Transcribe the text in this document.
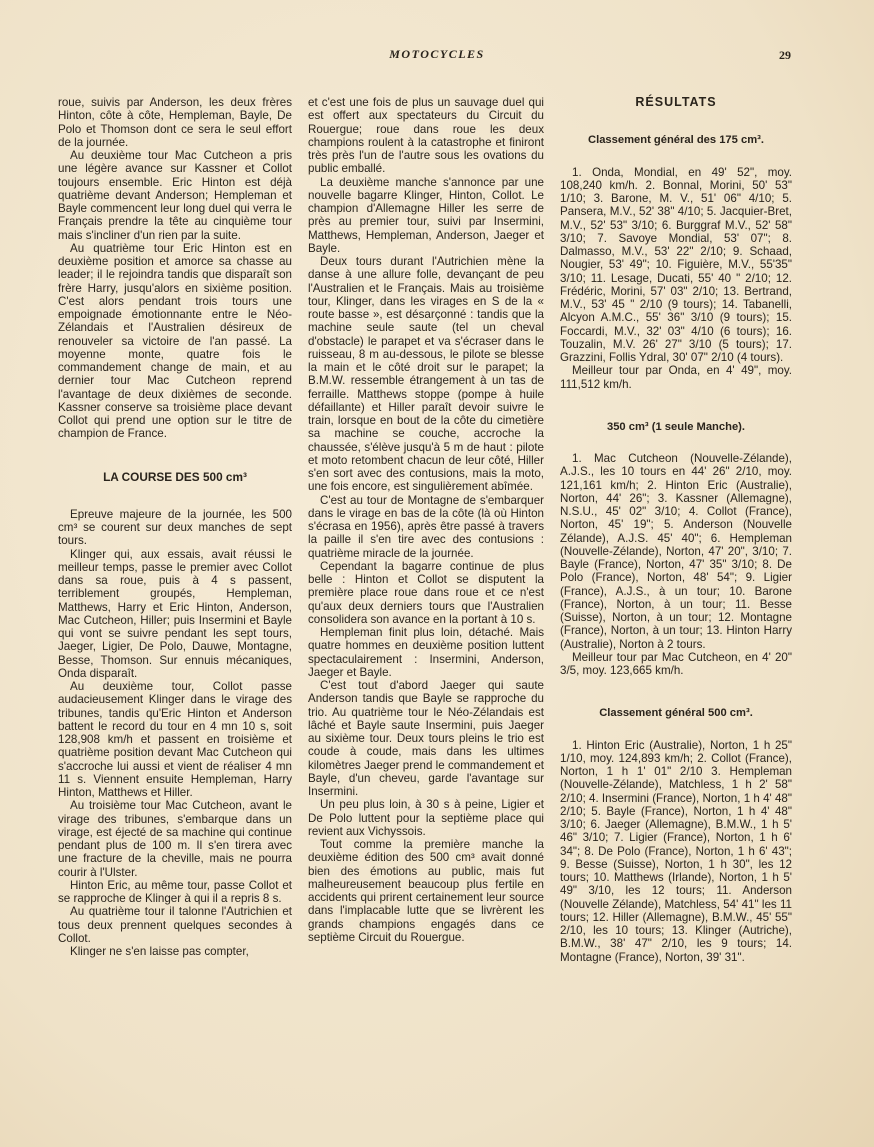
MOTOCYCLES	29

roue, suivis par Anderson, les deux frères Hinton, côte à côte, Hempleman, Bayle, De Polo et Thomson dont ce sera le seul effort de la journée.

Au deuxième tour Mac Cutcheon a pris une légère avance sur Kassner et Collot toujours ensemble. Eric Hinton est déjà quatrième devant Anderson; Hempleman et Bayle commencent leur long duel qui verra le Français prendre la tête au cinquième tour mais s'incliner d'un rien par la suite.

Au quatrième tour Eric Hinton est en deuxième position et amorce sa chasse au leader; il le rejoindra tandis que disparaît son frère Harry, jusqu'alors en sixième position. C'est alors pendant trois tours une empoignade émotionnante entre le Néo-Zélandais et l'Australien désireux de renouveler sa victoire de l'an passé. La moyenne monte, quatre fois le commandement change de main, et au dernier tour Mac Cutcheon reprend l'avantage de deux dixièmes de seconde. Kassner conserve sa troisième place devant Collot qui prend une option sur le titre de champion de France.

LA COURSE DES 500 cm³

Epreuve majeure de la journée, les 500 cm³ se courent sur deux manches de sept tours.

Klinger qui, aux essais, avait réussi le meilleur temps, passe le premier avec Collot dans sa roue, puis à 4 s passent, terriblement groupés, Hempleman, Matthews, Harry et Eric Hinton, Anderson, Mac Cutcheon, Hiller; puis Insermini et Bayle qui vont se suivre pendant les sept tours, Jaeger, Ligier, De Polo, Dauwe, Montagne, Besse, Thomson. Sur ennuis mécaniques, Onda disparaît.

Au deuxième tour, Collot passe audacieusement Klinger dans le virage des tribunes, tandis qu'Eric Hinton et Anderson battent le record du tour en 4 mn 10 s, soit 128,908 km/h et passent en troisième et quatrième position devant Mac Cutcheon qui s'accroche lui aussi et vient de réaliser 4 mn 11 s. Viennent ensuite Hempleman, Harry Hinton, Matthews et Hiller.

Au troisième tour Mac Cutcheon, avant le virage des tribunes, s'embarque dans un virage, est éjecté de sa machine qui continue pendant plus de 100 m. Il s'en tirera avec une fracture de la cheville, mais ne pourra courir à l'Ulster.

Hinton Eric, au même tour, passe Collot et se rapproche de Klinger à qui il a repris 8 s.

Au quatrième tour il talonne l'Autrichien et tous deux prennent quelques secondes à Collot.

Klinger ne s'en laisse pas compter,

et c'est une fois de plus un sauvage duel qui est offert aux spectateurs du Circuit du Rouergue; roue dans roue les deux champions roulent à la catastrophe et finiront très près l'un de l'autre sous les ovations du public emballé.

La deuxième manche s'annonce par une nouvelle bagarre Klinger, Hinton, Collot. Le champion d'Allemagne Hiller les serre de près au premier tour, suivi par Insermini, Matthews, Hempleman, Anderson, Jaeger et Bayle.

Deux tours durant l'Autrichien mène la danse à une allure folle, devançant de peu l'Australien et le Français. Mais au troisième tour, Klinger, dans les virages en S de la « route basse », est désarçonné : tandis que la machine seule saute (tel un cheval d'obstacle) le parapet et va s'écraser dans le ruisseau, 8 m au-dessous, le pilote se blesse la main et le côté droit sur le parapet; la B.M.W. ressemble étrangement à un tas de ferraille. Matthews stoppe (pompe à huile défaillante) et Hiller paraît devoir suivre le train, lorsque en bout de la côte du cimetière sa machine se couche, accroche la chaussée, s'élève jusqu'à 5 m de haut : pilote et moto retombent chacun de leur côté, Hiller s'en sort avec des contusions, mais la moto, une fois encore, est singulièrement abîmée.

C'est au tour de Montagne de s'embarquer dans le virage en bas de la côte (là où Hinton s'écrasa en 1956), après être passé à travers la paille il s'en tire avec des contusions : quatrième miracle de la journée.

Cependant la bagarre continue de plus belle : Hinton et Collot se disputent la première place roue dans roue et ce n'est qu'aux deux derniers tours que l'Australien consolidera son avance en la portant à 10 s.

Hempleman finit plus loin, détaché. Mais quatre hommes en deuxième position luttent spectaculairement : Insermini, Anderson, Jaeger et Bayle.

C'est tout d'abord Jaeger qui saute Anderson tandis que Bayle se rapproche du trio. Au quatrième tour le Néo-Zélandais est lâché et Bayle saute Insermini, puis Jaeger au sixième tour. Deux tours pleins le trio est coude à coude, mais dans les ultimes kilomètres Jaeger prend le commandement et Bayle, d'un cheveu, garde l'avantage sur Insermini.

Un peu plus loin, à 30 s à peine, Ligier et De Polo luttent pour la septième place qui revient aux Vichyssois.

Tout comme la première manche la deuxième édition des 500 cm³ avait donné bien des émotions au public, mais fut malheureusement beaucoup plus fertile en accidents qui prirent certainement leur source dans l'implacable lutte que se livrèrent les grands champions engagés dans ce septième Circuit du Rouergue.

RÉSULTATS

Classement général des 175 cm³.

1. Onda, Mondial, en 49' 52", moy. 108,240 km/h. 2. Bonnal, Morini, 50' 53" 1/10; 3. Barone, M. V., 51' 06" 4/10; 5. Pansera, M.V., 52' 38" 4/10; 5. Jacquier-Bret, M.V., 52' 53" 3/10; 6. Burggraf M.V., 52' 58" 3/10; 7. Savoye Mondial, 53' 07"; 8. Dalmasso, M.V., 53' 22" 2/10; 9. Schaad, Nougier, 53' 49"; 10. Figuière, M.V., 55'35" 3/10; 11. Lesage, Ducati, 55' 40 " 2/10; 12. Frédéric, Morini, 57' 03" 2/10; 13. Bertrand, M.V., 53' 45 " 2/10 (9 tours); 14. Tabanelli, Alcyon A.M.C., 55' 36" 3/10 (9 tours); 15. Foccardi, M.V., 32' 03" 4/10 (6 tours); 16. Touzalin, M.V. 26' 27" 3/10 (5 tours); 17. Grazzini, Follis Ydral, 30' 07" 2/10 (4 tours).

Meilleur tour par Onda, en 4' 49", moy. 111,512 km/h.

350 cm³ (1 seule Manche).

1. Mac Cutcheon (Nouvelle-Zélande), A.J.S., les 10 tours en 44' 26" 2/10, moy. 121,161 km/h; 2. Hinton Eric (Australie), Norton, 44' 26"; 3. Kassner (Allemagne), N.S.U., 45' 02" 3/10; 4. Collot (France), Norton, 45' 19"; 5. Anderson (Nouvelle Zélande), A.J.S. 45' 40"; 6. Hempleman (Nouvelle-Zélande), Norton, 47' 20", 3/10; 7. Bayle (France), Norton, 47' 35" 3/10; 8. De Polo (France), Norton, 48' 54"; 9. Ligier (France), A.J.S., à un tour; 10. Barone (France), Norton, à un tour; 11. Besse (Suisse), Norton, à un tour; 12. Montagne (France), Norton, à un tour; 13. Hinton Harry (Australie), Norton à 2 tours.

Meilleur tour par Mac Cutcheon, en 4' 20" 3/5, moy. 123,665 km/h.

Classement général 500 cm³.

1. Hinton Eric (Australie), Norton, 1 h 25" 1/10, moy. 124,893 km/h; 2. Collot (France), Norton, 1 h 1' 01" 2/10 3. Hempleman (Nouvelle-Zélande), Matchless, 1 h 2' 58" 2/10; 4. Insermini (France), Norton, 1 h 4' 48" 2/10; 5. Bayle (France), Norton, 1 h 4' 48" 3/10; 6. Jaeger (Allemagne), B.M.W., 1 h 5' 46" 3/10; 7. Ligier (France), Norton, 1 h 6' 34"; 8. De Polo (France), Norton, 1 h 6' 43"; 9. Besse (Suisse), Norton, 1 h 30", les 12 tours; 10. Matthews (Irlande), Norton, 1 h 5' 49" 3/10, les 12 tours; 11. Anderson (Nouvelle Zélande), Matchless, 54' 41" les 11 tours; 12. Hiller (Allemagne), B.M.W., 45' 55" 2/10, les 10 tours; 13. Klinger (Autriche), B.M.W., 38' 47" 2/10, les 9 tours; 14. Montagne (France), Norton, 39' 31".
